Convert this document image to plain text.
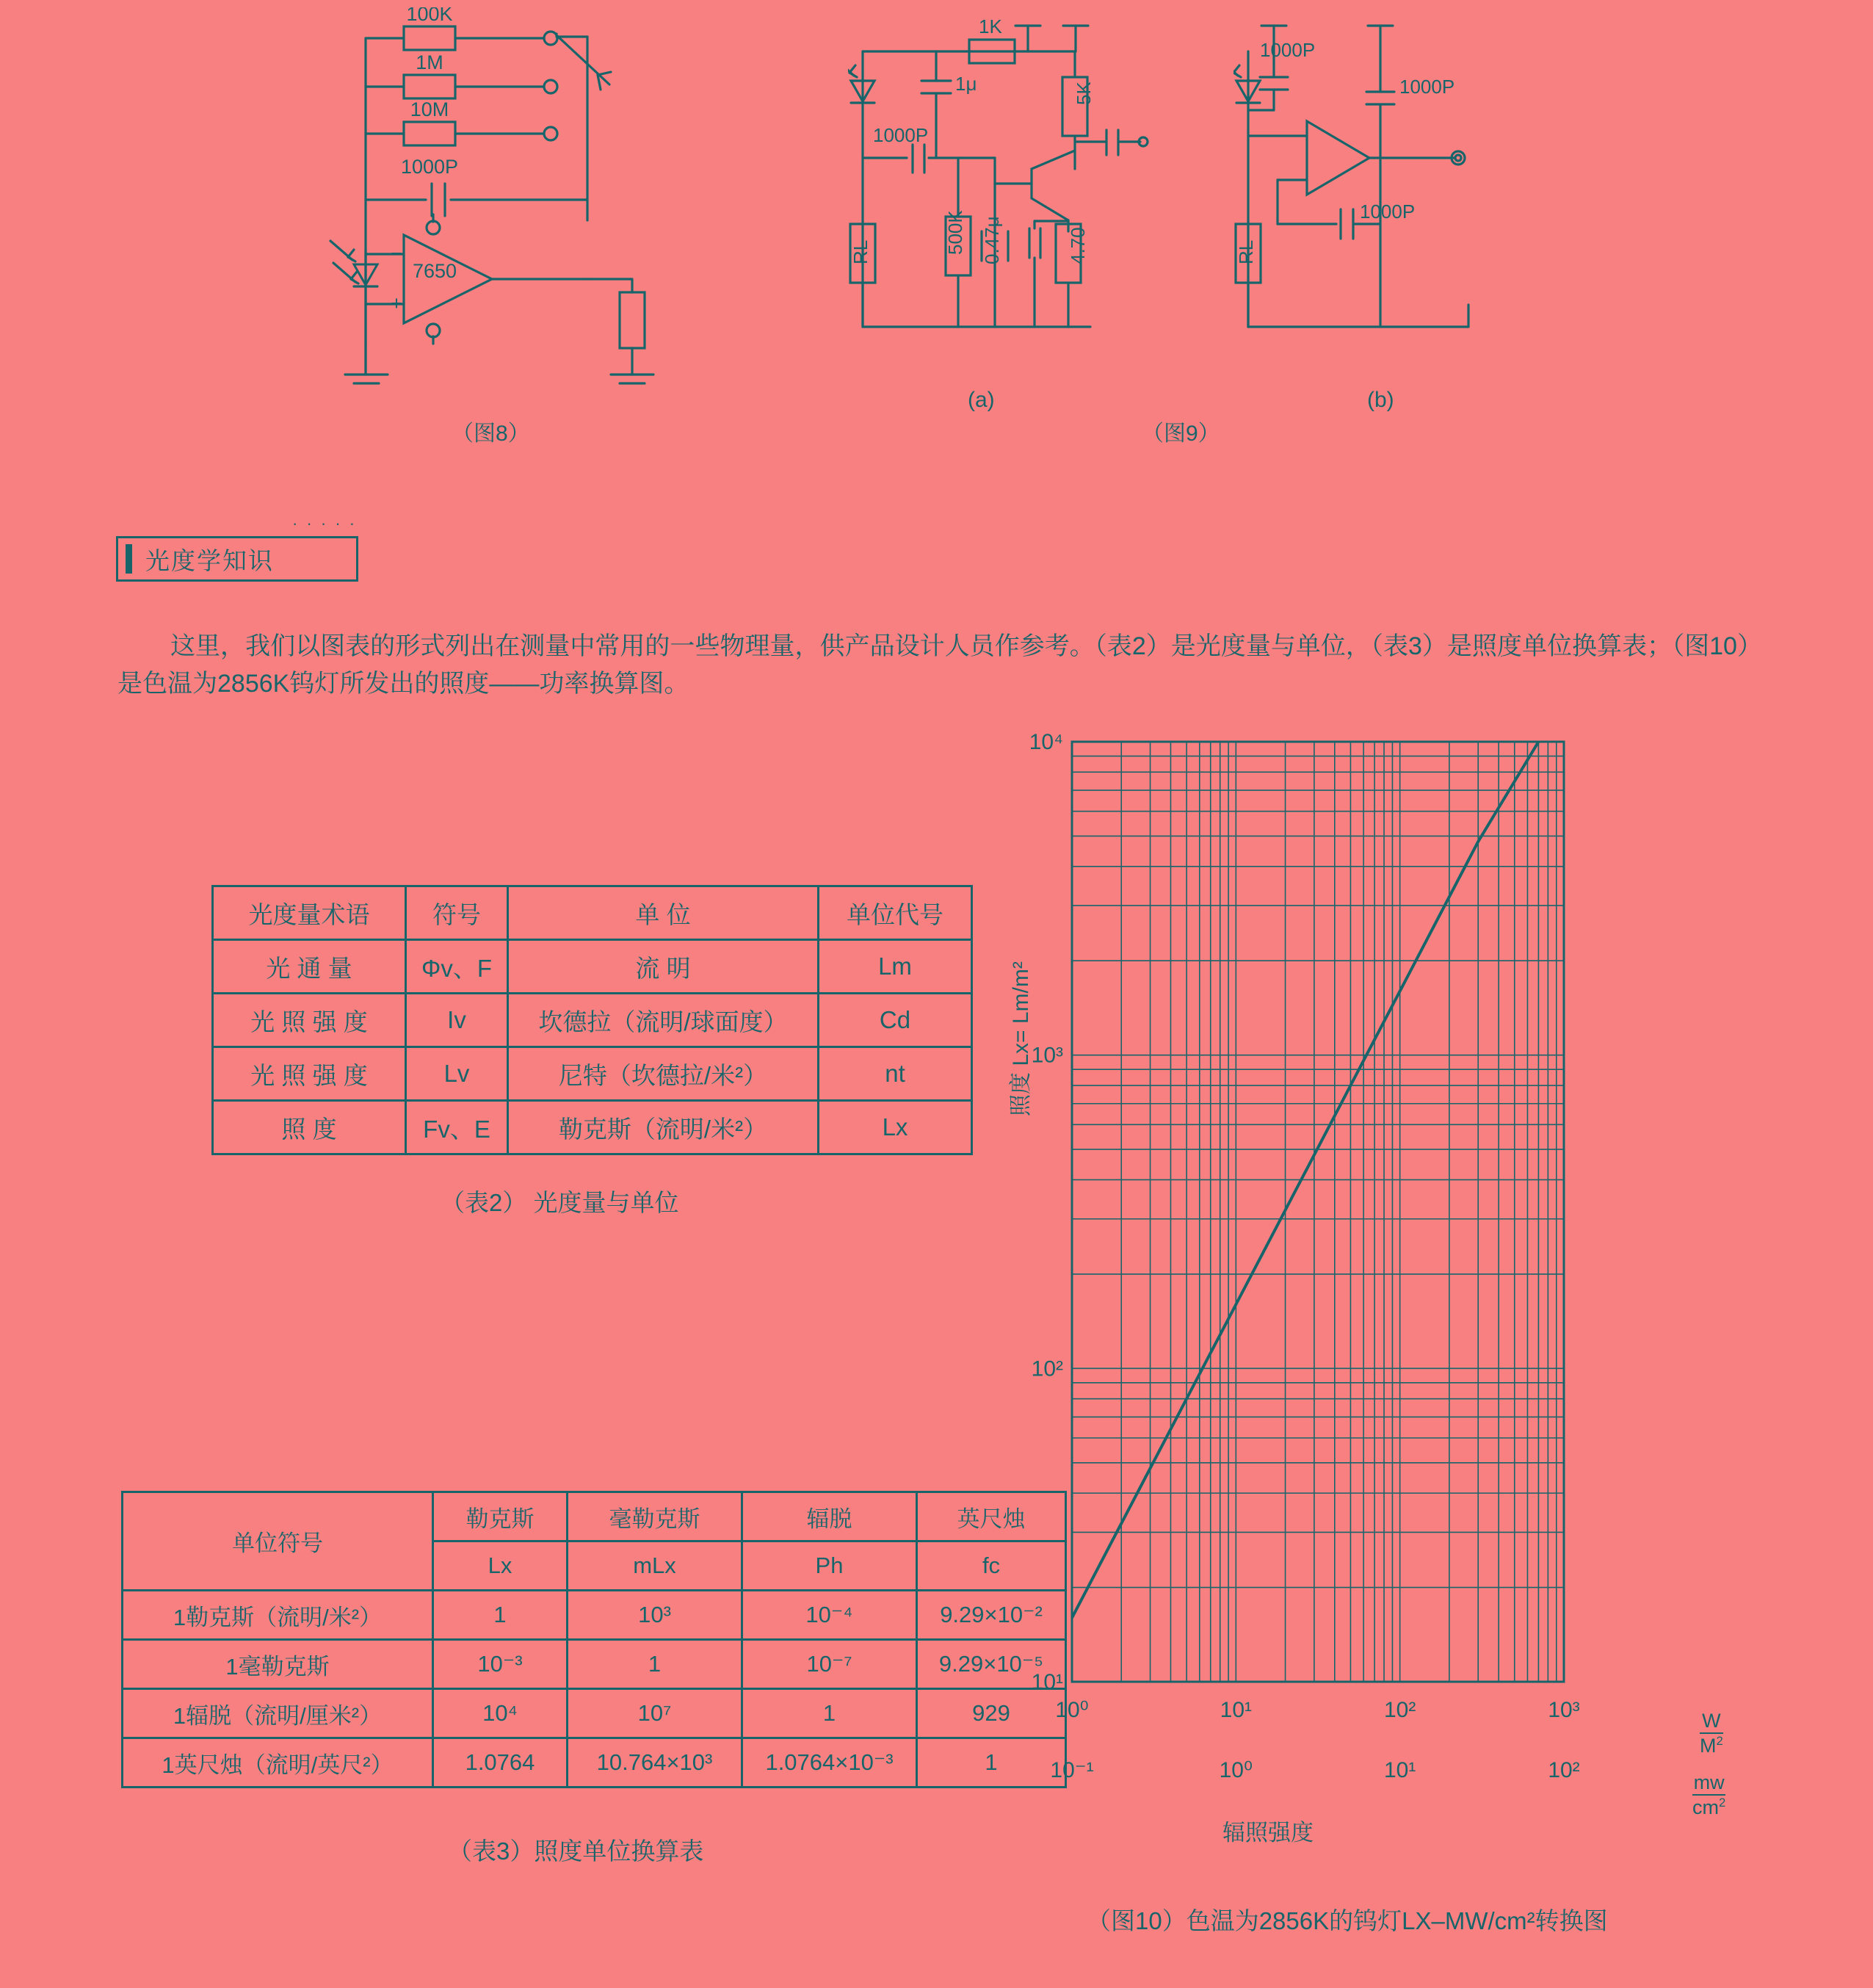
100K
1M
10M
1000P
7650
−
+
（图8）
1K
1μ
1000P
5K
500K 0.47μ	4.70
RL
(a)
1000P
1000P
1000P
RL
(b)
（图9）
· · · · ·
光度学知识
这里，我们以图表的形式列出在测量中常用的一些物理量，供产品设计人员作参考。（表2）是光度量与单位，（表3）是照度单位换算表；（图10）是色温为2856K钨灯所发出的照度——功率换算图。
光度量术语	符号	单 位	单位代号
光 通 量	Φv、F	流 明	Lm
光 照 强 度	Iv	坎德拉（流明/球面度）	Cd
光 照 强 度	Lv	尼特（坎德拉/米²）	nt
照 度	Fv、E	勒克斯（流明/米²）	Lx
（表2） 光度量与单位
单位符号	勒克斯	毫勒克斯	辐脱	英尺烛
	Lx	mLx	Ph	fc
1勒克斯（流明/米²）	1	10³	10⁻⁴	9.29×10⁻²
1毫勒克斯	10⁻³	1	10⁻⁷	9.29×10⁻⁵
1辐脱（流明/厘米²）	10⁴	10⁷	1	929
1英尺烛（流明/英尺²）	1.0764	10.764×10³	1.0764×10⁻³	1
（表3）照度单位换算表
10¹
10²
10³
10⁴
10⁰	10¹	10²	10³
10⁻¹	10⁰	10¹	10²
照度 Lx= Lm/m²
辐照强度
W
$M^2$
mw
$cm^2$
（图10）色温为2856K的钨灯LX–MW/cm²转换图
